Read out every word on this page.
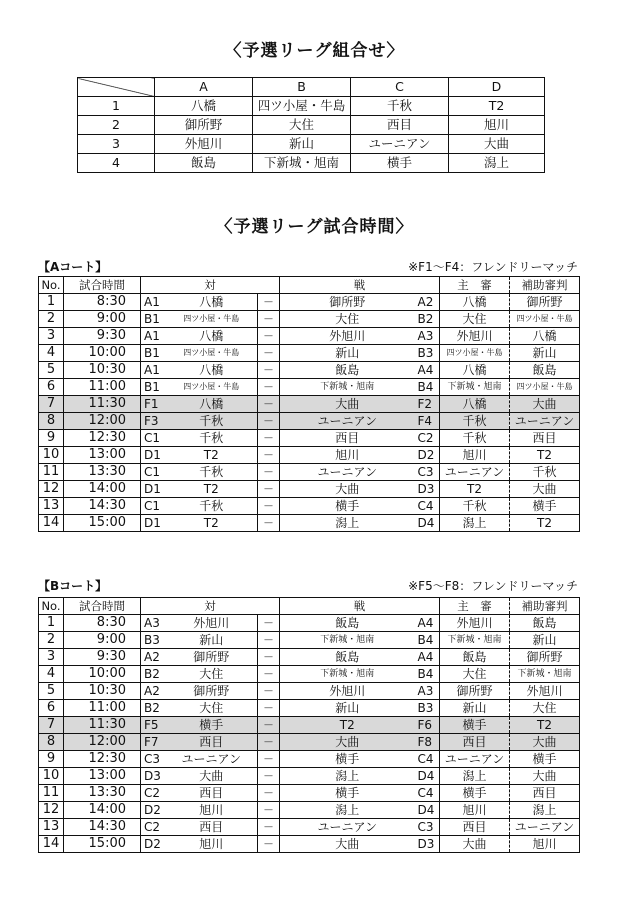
〈予選リーグ組合せ〉
	A	B	C	D
1	八橋	四ツ小屋・牛島	千秋	T2
2	御所野	大住	西目	旭川
3	外旭川	新山	ユーニアン	大曲
4	飯島	下新城・旭南	横手	潟上
〈予選リーグ試合時間〉
【Aコート】	※F1〜F4：フレンドリーマッチ
No.	試合時間	対			戦		主　審	補助審判
1	8:30	A1	八橋	—	御所野	A2	八橋	御所野
2	9:00	B1	四ツ小屋・牛島	—	大住	B2	大住	四ツ小屋・牛島
3	9:30	A1	八橋	—	外旭川	A3	外旭川	八橋
4	10:00	B1	四ツ小屋・牛島	—	新山	B3	四ツ小屋・牛島	新山
5	10:30	A1	八橋	—	飯島	A4	八橋	飯島
6	11:00	B1	四ツ小屋・牛島	—	下新城・旭南	B4	下新城・旭南	四ツ小屋・牛島
7	11:30	F1	八橋	—	大曲	F2	八橋	大曲
8	12:00	F3	千秋	—	ユーニアン	F4	千秋	ユーニアン
9	12:30	C1	千秋	—	西目	C2	千秋	西目
10	13:00	D1	T2	—	旭川	D2	旭川	T2
11	13:30	C1	千秋	—	ユーニアン	C3	ユーニアン	千秋
12	14:00	D1	T2	—	大曲	D3	T2	大曲
13	14:30	C1	千秋	—	横手	C4	千秋	横手
14	15:00	D1	T2	—	潟上	D4	潟上	T2
【Bコート】	※F5〜F8：フレンドリーマッチ
No.	試合時間	対			戦		主　審	補助審判
1	8:30	A3	外旭川	—	飯島	A4	外旭川	飯島
2	9:00	B3	新山	—	下新城・旭南	B4	下新城・旭南	新山
3	9:30	A2	御所野	—	飯島	A4	飯島	御所野
4	10:00	B2	大住	—	下新城・旭南	B4	大住	下新城・旭南
5	10:30	A2	御所野	—	外旭川	A3	御所野	外旭川
6	11:00	B2	大住	—	新山	B3	新山	大住
7	11:30	F5	横手	—	T2	F6	横手	T2
8	12:00	F7	西目	—	大曲	F8	西目	大曲
9	12:30	C3	ユーニアン	—	横手	C4	ユーニアン	横手
10	13:00	D3	大曲	—	潟上	D4	潟上	大曲
11	13:30	C2	西目	—	横手	C4	横手	西目
12	14:00	D2	旭川	—	潟上	D4	旭川	潟上
13	14:30	C2	西目	—	ユーニアン	C3	西目	ユーニアン
14	15:00	D2	旭川	—	大曲	D3	大曲	旭川
